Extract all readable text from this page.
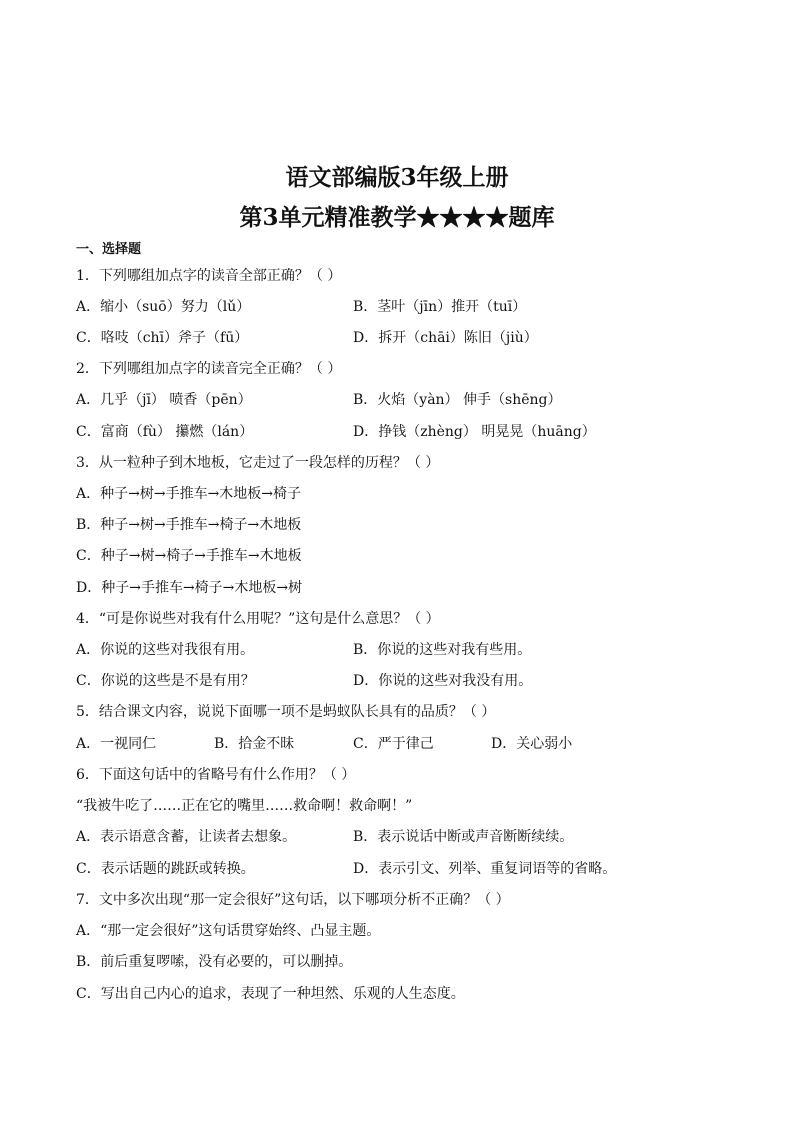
语文部编版3年级上册
第3单元精准教学★★★★题库
一、选择题
1．下列哪组加点字的读音全部正确？（ ）
A．缩小（suō）努力（lǔ）	B．茎叶（jīn）推开（tuī）
C．咯吱（chī）斧子（fū）	D．拆开（chāi）陈旧（jiù）
2．下列哪组加点字的读音完全正确？（ ）
A．几乎（jī） 喷香（pēn）	B．火焰（yàn） 伸手（shēng）
C．富商（fù） 攥燃（lán）	D．挣钱（zhèng） 明晃晃（huāng）
3．从一粒种子到木地板，它走过了一段怎样的历程？（ ）
A．种子→树→手推车→木地板→椅子
B．种子→树→手推车→椅子→木地板
C．种子→树→椅子→手推车→木地板
D．种子→手推车→椅子→木地板→树
4．“可是你说些对我有什么用呢？”这句是什么意思？（ ）
A．你说的这些对我很有用。	B．你说的这些对我有些用。
C．你说的这些是不是有用？	D．你说的这些对我没有用。
5．结合课文内容，说说下面哪一项不是蚂蚁队长具有的品质？（ ）
A．一视同仁	B．拾金不昧	C．严于律己	D．关心弱小
6．下面这句话中的省略号有什么作用？（ ）
“我被牛吃了……正在它的嘴里……救命啊！救命啊！”
A．表示语意含蓄，让读者去想象。	B．表示说话中断或声音断断续续。
C．表示话题的跳跃或转换。	D．表示引文、列举、重复词语等的省略。
7．文中多次出现“那一定会很好”这句话，以下哪项分析不正确？（ ）
A．“那一定会很好”这句话贯穿始终、凸显主题。
B．前后重复啰嗦，没有必要的，可以删掉。
C．写出自己内心的追求，表现了一种坦然、乐观的人生态度。
